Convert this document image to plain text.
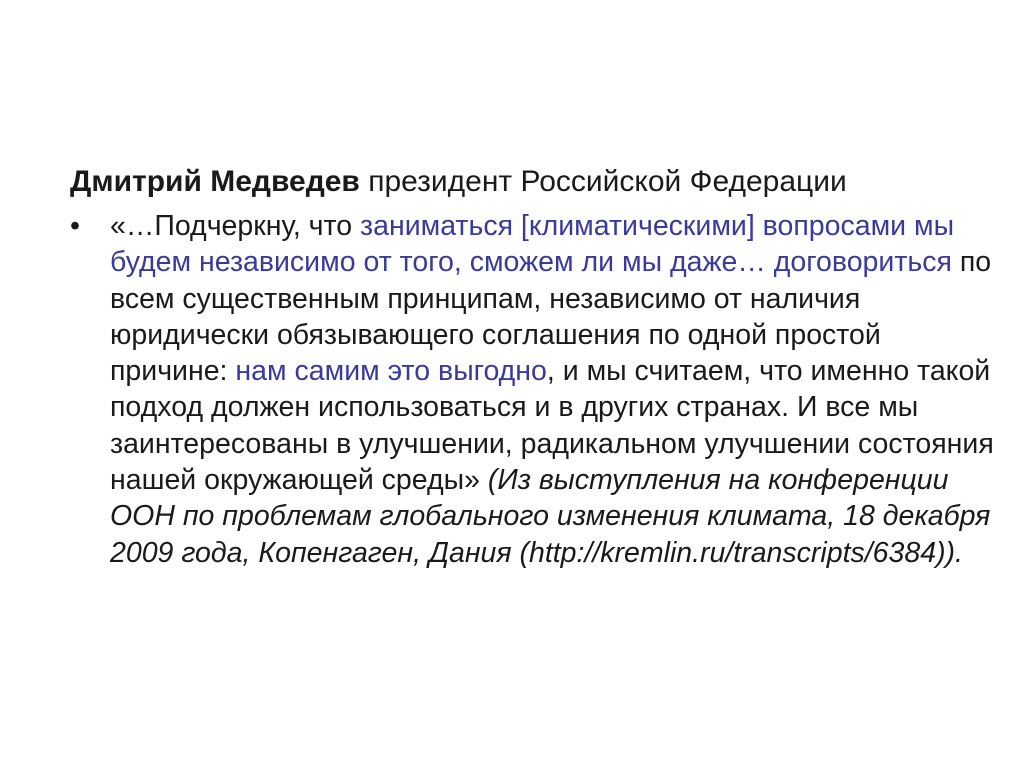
Дмитрий Медведев президент Российской Федерации

•	«…Подчеркну, что заниматься [климатическими] вопросами мы будем независимо от того, сможем ли мы даже… договориться по всем существенным принципам, независимо от наличия юридически обязывающего соглашения по одной простой причине: нам самим это выгодно, и мы считаем, что именно такой подход должен использоваться и в других странах. И все мы заинтересованы в улучшении, радикальном улучшении состояния нашей окружающей среды» (Из выступления на конференции ООН по проблемам глобального изменения климата, 18 декабря 2009 года, Копенгаген, Дания (http://kremlin.ru/transcripts/6384)).
